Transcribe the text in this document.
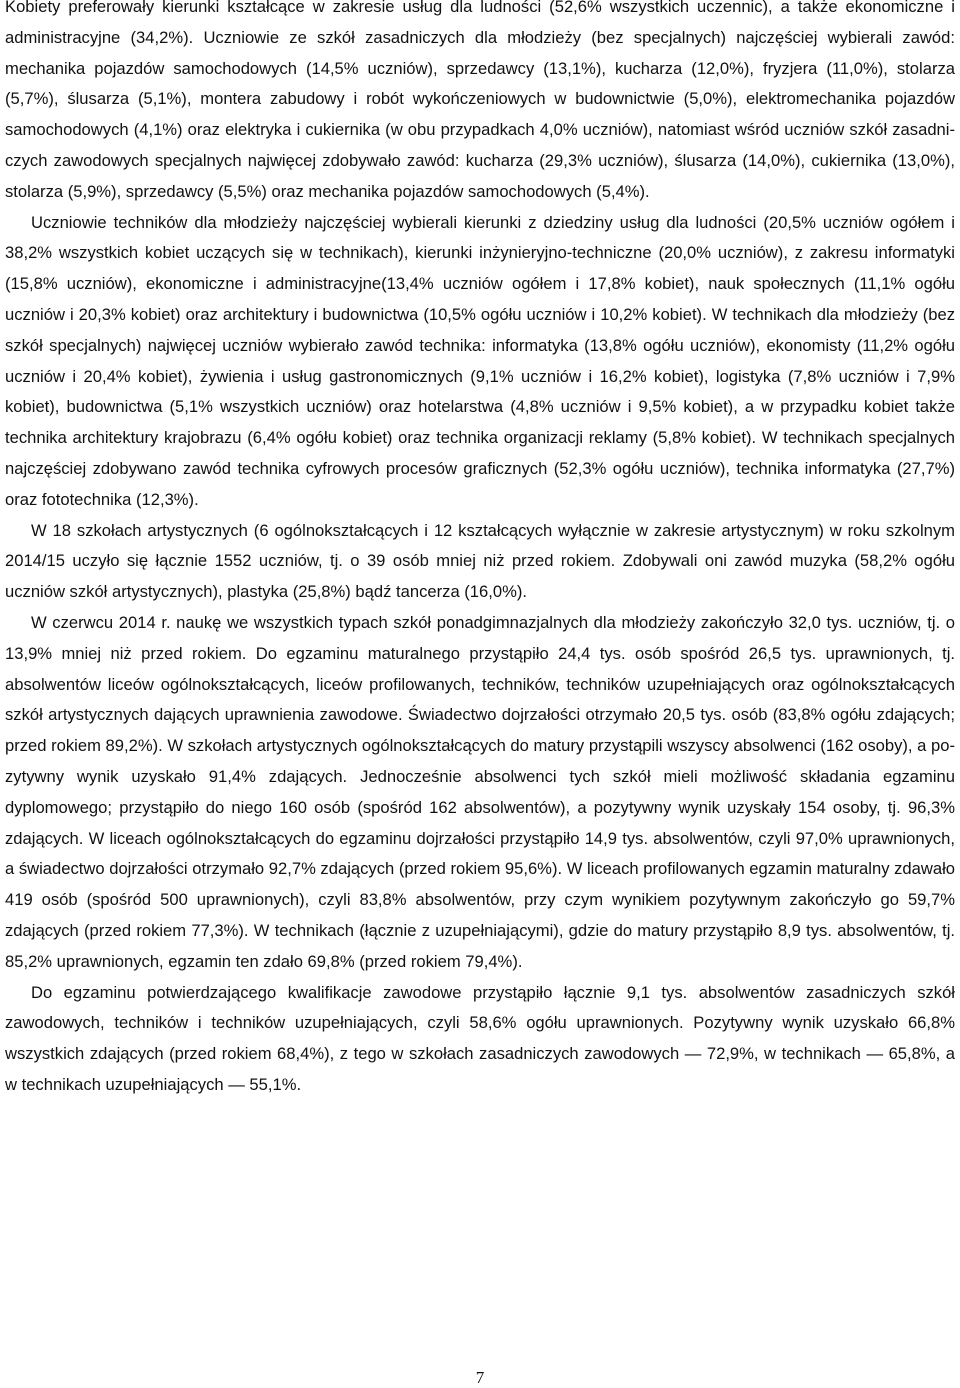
Kobiety preferowały kierunki kształcące w zakresie usług dla ludności (52,6% wszystkich uczennic), a także ekonomiczne i administracyjne (34,2%). Uczniowie ze szkół zasadniczych dla młodzieży (bez specjalnych) najczęściej wybierali zawód: mechanika pojazdów samochodowych (14,5% uczniów), sprzedawcy (13,1%), kucharza (12,0%), fryzjera (11,0%), stolarza (5,7%), ślusarza (5,1%), montera zabudowy i robót wykończeniowych w budownictwie (5,0%), elektromechanika pojazdów samochodowych (4,1%) oraz elektryka i cukiernika (w obu przypadkach 4,0% uczniów), natomiast wśród uczniów szkół zasadniczych zawodowych specjalnych najwięcej zdobywało zawód: kucharza (29,3% uczniów), ślusarza (14,0%), cukiernika (13,0%), stolarza (5,9%), sprzedawcy (5,5%) oraz mechanika pojazdów samochodowych (5,4%).

Uczniowie techników dla młodzieży najczęściej wybierali kierunki z dziedziny usług dla ludności (20,5% uczniów ogółem i 38,2% wszystkich kobiet uczących się w technikach), kierunki inżynieryjno-techniczne (20,0% uczniów), z zakresu informatyki (15,8% uczniów), ekonomiczne i administracyjne(13,4% uczniów ogółem i 17,8% kobiet), nauk społecznych (11,1% ogółu uczniów i 20,3% kobiet) oraz architektury i budownictwa (10,5% ogółu uczniów i 10,2% kobiet). W technikach dla młodzieży (bez szkół specjalnych) najwięcej uczniów wybierało zawód technika: informatyka (13,8% ogółu uczniów), ekonomisty (11,2% ogółu uczniów i 20,4% kobiet), żywienia i usług gastronomicznych (9,1% uczniów i 16,2% kobiet), logistyka (7,8% uczniów i 7,9% kobiet), budownictwa (5,1% wszystkich uczniów) oraz hotelarstwa (4,8% uczniów i 9,5% kobiet), a w przypadku kobiet także technika architektury krajobrazu (6,4% ogółu kobiet) oraz technika organizacji reklamy (5,8% kobiet). W technikach specjalnych najczęściej zdobywano zawód technika cyfrowych procesów graficznych (52,3% ogółu uczniów), technika informatyka (27,7%) oraz fototechnika (12,3%).

W 18 szkołach artystycznych (6 ogólnokształcących i 12 kształcących wyłącznie w zakresie artystycznym) w roku szkolnym 2014/15 uczyło się łącznie 1552 uczniów, tj. o 39 osób mniej niż przed rokiem. Zdobywali oni zawód muzyka (58,2% ogółu uczniów szkół artystycznych), plastyka (25,8%) bądź tancerza (16,0%).

W czerwcu 2014 r. naukę we wszystkich typach szkół ponadgimnazjalnych dla młodzieży zakończyło 32,0 tys. uczniów, tj. o 13,9% mniej niż przed rokiem. Do egzaminu maturalnego przystąpiło 24,4 tys. osób spośród 26,5 tys. uprawnionych, tj. absolwentów liceów ogólnokształcących, liceów profilowanych, techników, techników uzupełniających oraz ogólnokształcących szkół artystycznych dających uprawnienia zawodowe. Świadectwo dojrzałości otrzymało 20,5 tys. osób (83,8% ogółu zdających; przed rokiem 89,2%). W szkołach artystycznych ogólnokształcących do matury przystąpili wszyscy absolwenci (162 osoby), a pozytywny wynik uzyskało 91,4% zdających. Jednocześnie absolwenci tych szkół mieli możliwość składania egzaminu dyplomowego; przystąpiło do niego 160 osób (spośród 162 absolwentów), a pozytywny wynik uzyskały 154 osoby, tj. 96,3% zdających. W liceach ogólnokształcących do egzaminu dojrzałości przystąpiło 14,9 tys. absolwentów, czyli 97,0% uprawnionych, a świadectwo dojrzałości otrzymało 92,7% zdających (przed rokiem 95,6%). W liceach profilowanych egzamin maturalny zdawało 419 osób (spośród 500 uprawnionych), czyli 83,8% absolwentów, przy czym wynikiem pozytywnym zakończyło go 59,7% zdających (przed rokiem 77,3%). W technikach (łącznie z uzupełniającymi), gdzie do matury przystąpiło 8,9 tys. absolwentów, tj. 85,2% uprawnionych, egzamin ten zdało 69,8% (przed rokiem 79,4%).

Do egzaminu potwierdzającego kwalifikacje zawodowe przystąpiło łącznie 9,1 tys. absolwentów zasadniczych szkół zawodowych, techników i techników uzupełniających, czyli 58,6% ogółu uprawnionych. Pozytywny wynik uzyskało 66,8% wszystkich zdających (przed rokiem 68,4%), z tego w szkołach zasadniczych zawodowych — 72,9%, w technikach — 65,8%, a w technikach uzupełniających — 55,1%.

7
